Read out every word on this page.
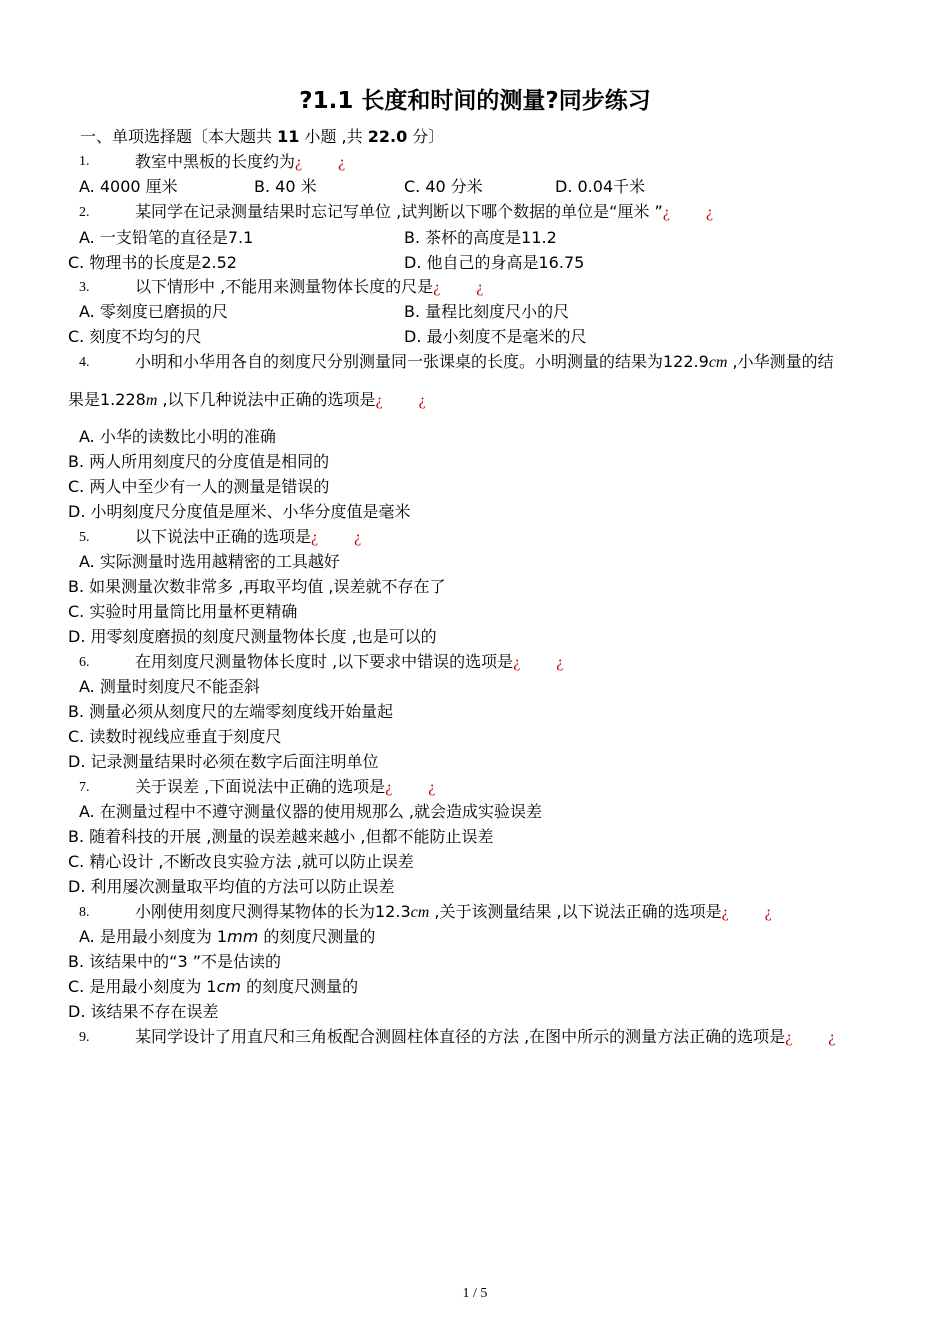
?1.1 长度和时间的测量?同步练习
一、单项选择题〔本大题共 11 小题 ,共 22.0 分〕
1.	教室中黑板的长度约为¿ ¿
A. 4000 厘米	B. 40 米	C. 40 分米	D. 0.04千米
2.	某同学在记录测量结果时忘记写单位 ,试判断以下哪个数据的单位是“厘米 ”¿ ¿
A. 一支铅笔的直径是7.1	B. 茶杯的高度是11.2
C. 物理书的长度是2.52	D. 他自己的身高是16.75
3.	以下情形中 ,不能用来测量物体长度的尺是¿ ¿
A. 零刻度已磨损的尺	B. 量程比刻度尺小的尺
C. 刻度不均匀的尺	D. 最小刻度不是毫米的尺
4.	小明和小华用各自的刻度尺分别测量同一张课桌的长度。小明测量的结果为122.9cm ,小华测量的结
果是1.228m ,以下几种说法中正确的选项是¿ ¿
A. 小华的读数比小明的准确
B. 两人所用刻度尺的分度值是相同的
C. 两人中至少有一人的测量是错误的
D. 小明刻度尺分度值是厘米、小华分度值是毫米
5.	以下说法中正确的选项是¿ ¿
A. 实际测量时选用越精密的工具越好
B. 如果测量次数非常多 ,再取平均值 ,误差就不存在了
C. 实验时用量筒比用量杯更精确
D. 用零刻度磨损的刻度尺测量物体长度 ,也是可以的
6.	在用刻度尺测量物体长度时 ,以下要求中错误的选项是¿ ¿
A. 测量时刻度尺不能歪斜
B. 测量必须从刻度尺的左端零刻度线开始量起
C. 读数时视线应垂直于刻度尺
D. 记录测量结果时必须在数字后面注明单位
7.	关于误差 ,下面说法中正确的选项是¿ ¿
A. 在测量过程中不遵守测量仪器的使用规那么 ,就会造成实验误差
B. 随着科技的开展 ,测量的误差越来越小 ,但都不能防止误差
C. 精心设计 ,不断改良实验方法 ,就可以防止误差
D. 利用屡次测量取平均值的方法可以防止误差
8.	小刚使用刻度尺测得某物体的长为12.3cm ,关于该测量结果 ,以下说法正确的选项是¿ ¿
A. 是用最小刻度为 1mm 的刻度尺测量的
B. 该结果中的“3 ”不是估读的
C. 是用最小刻度为 1cm 的刻度尺测量的
D. 该结果不存在误差
9.	某同学设计了用直尺和三角板配合测圆柱体直径的方法 ,在图中所示的测量方法正确的选项是¿ ¿
1 / 5
